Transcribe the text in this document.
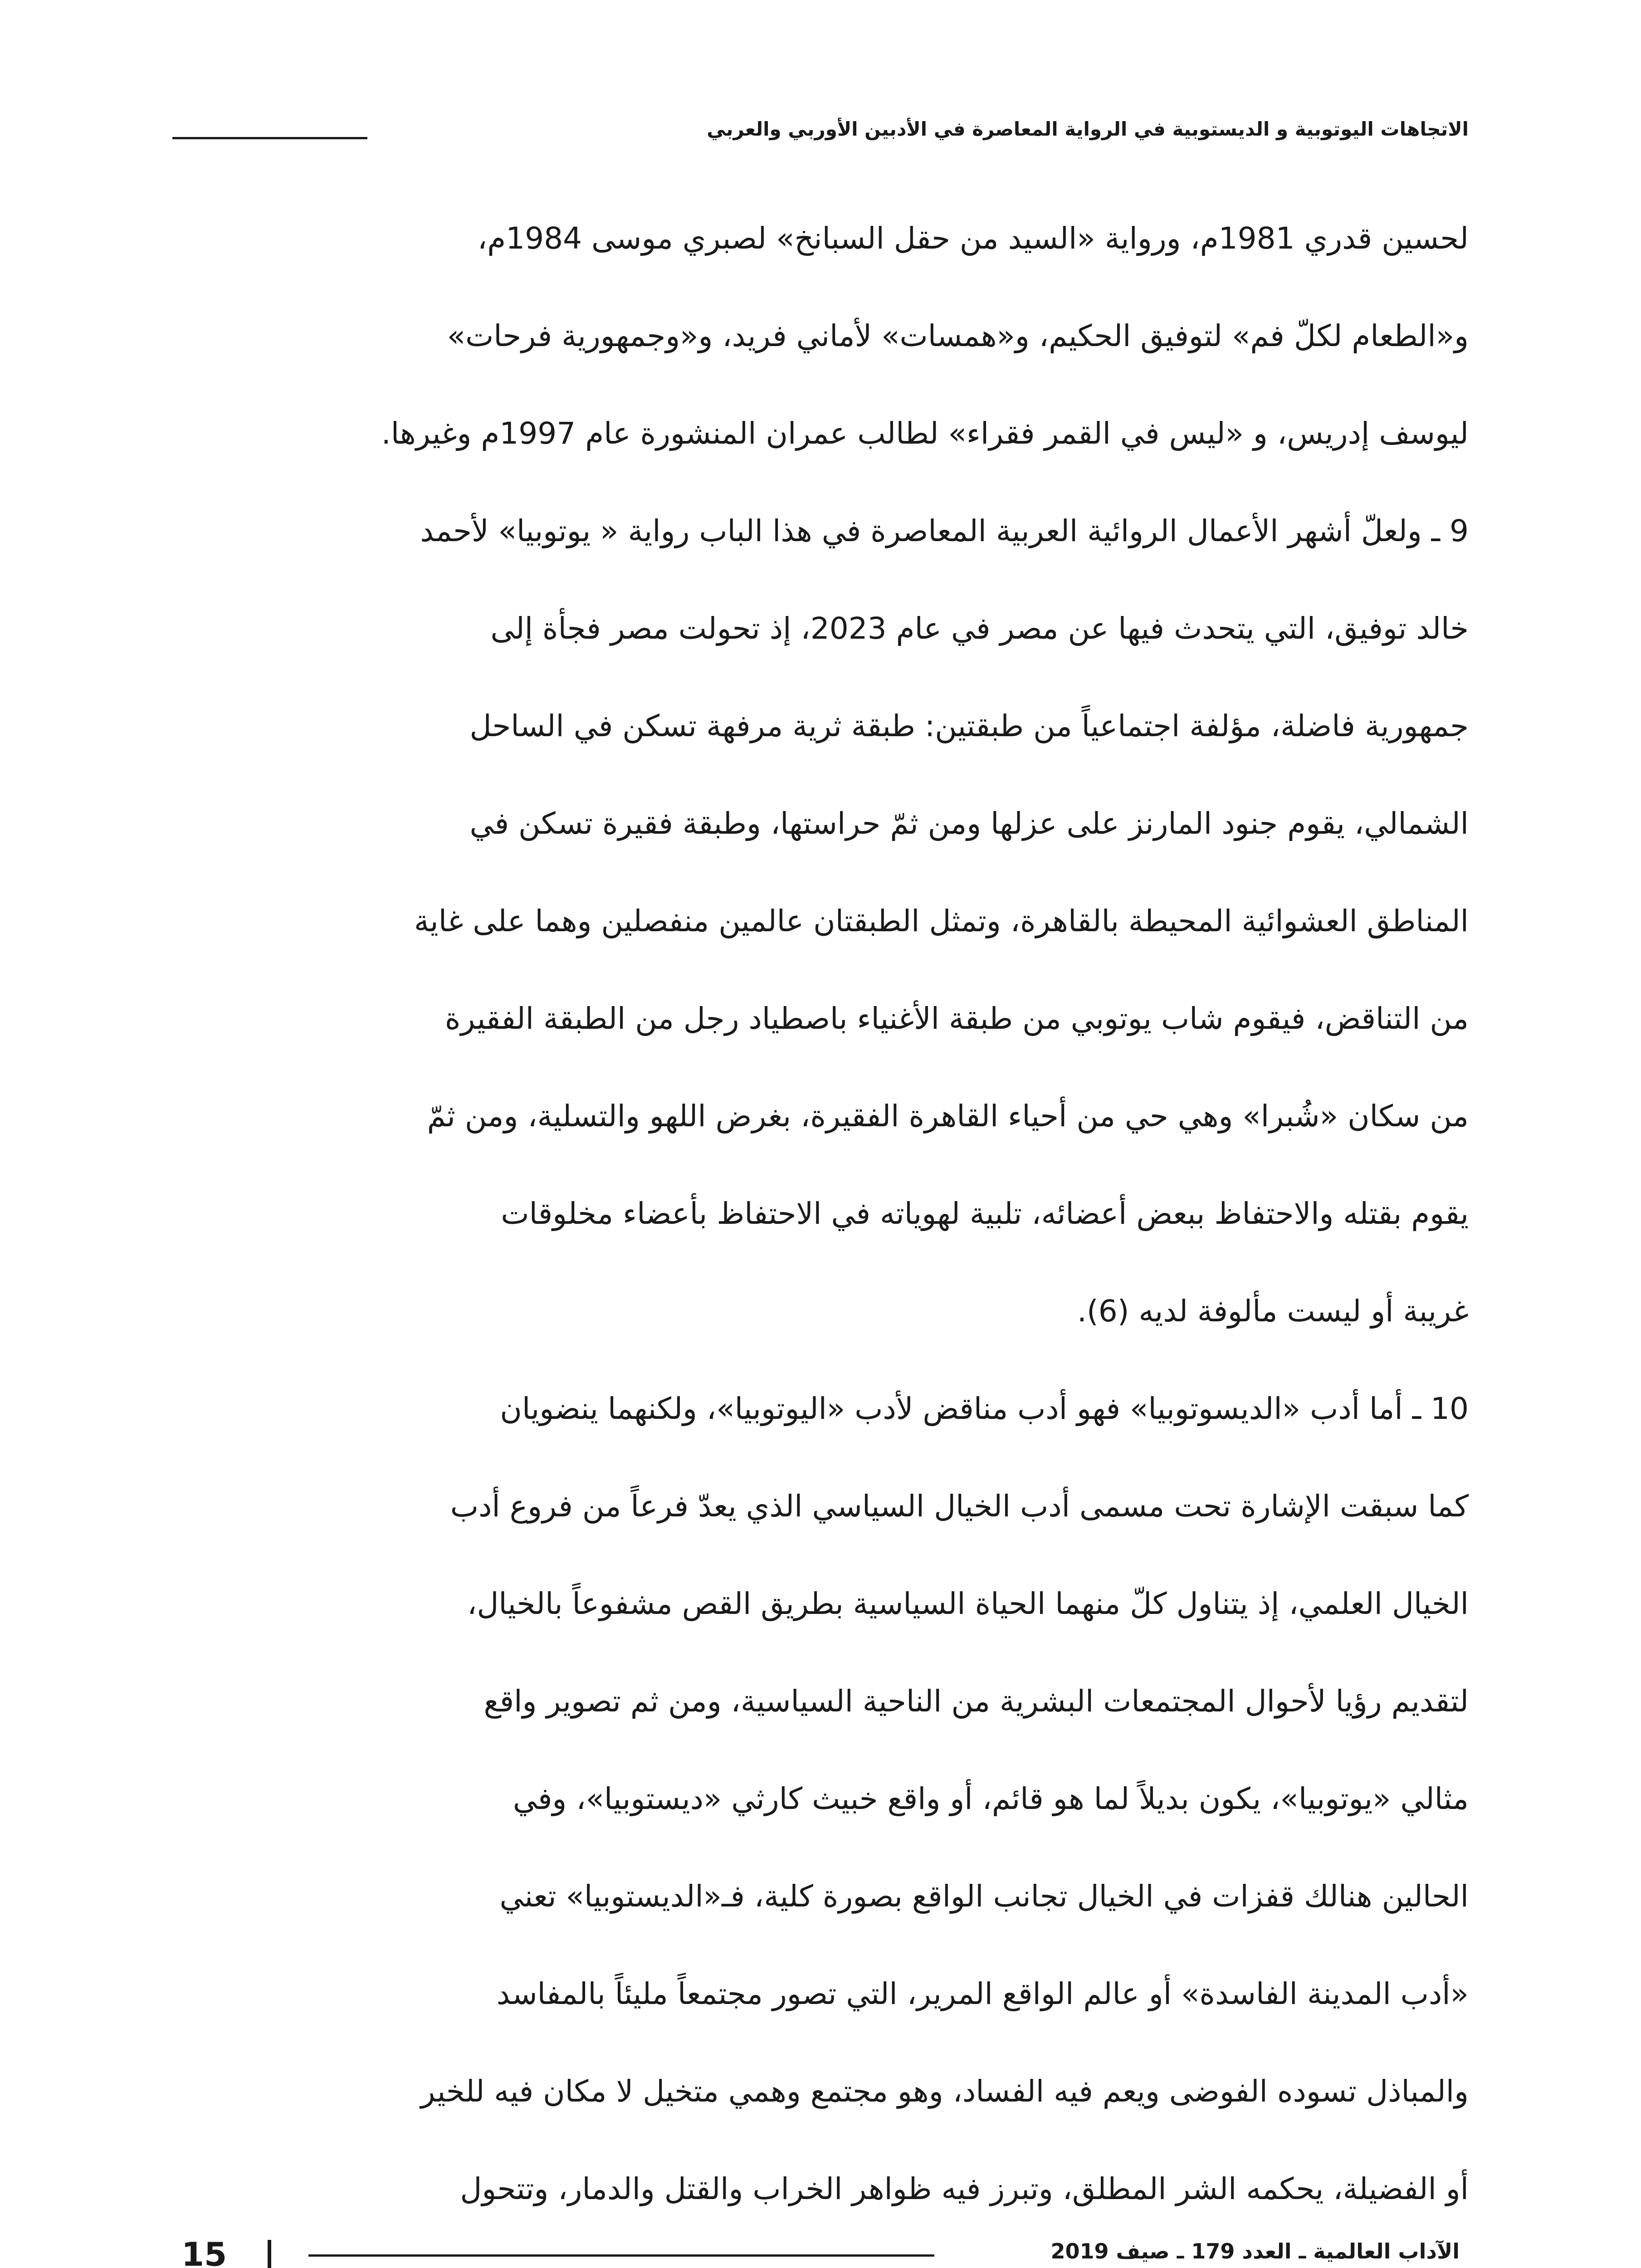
الاتجاهات اليوتوبية و الديستوبية في الرواية المعاصرة في الأدبين الأوربي والعربي

لحسين قدري 1981م، ورواية «السيد من حقل السبانخ» لصبري موسى 1984م،

و«الطعام لكلّ فم» لتوفيق الحكيم، و«همسات» لأماني فريد، و«وجمهورية فرحات»

ليوسف إدريس، و «ليس في القمر فقراء» لطالب عمران المنشورة عام 1997م وغيرها.

9 ـ ولعلّ أشهر الأعمال الروائية العربية المعاصرة في هذا الباب رواية « يوتوبيا» لأحمد

خالد توفيق، التي يتحدث فيها عن مصر في عام 2023، إذ تحولت مصر فجأة إلى

جمهورية فاضلة، مؤلفة اجتماعياً من طبقتين: طبقة ثرية مرفهة تسكن في الساحل

الشمالي، يقوم جنود المارنز على عزلها ومن ثمّ حراستها، وطبقة فقيرة تسكن في

المناطق العشوائية المحيطة بالقاهرة، وتمثل الطبقتان عالمين منفصلين وهما على غاية

من التناقض، فيقوم شاب يوتوبي من طبقة الأغنياء باصطياد رجل من الطبقة الفقيرة

من سكان «شُبرا» وهي حي من أحياء القاهرة الفقيرة، بغرض اللهو والتسلية، ومن ثمّ

يقوم بقتله والاحتفاظ ببعض أعضائه، تلبية لهوياته في الاحتفاظ بأعضاء مخلوقات

غريبة أو ليست مألوفة لديه (6).

10 ـ أما أدب «الديسوتوبيا» فهو أدب مناقض لأدب «اليوتوبيا»، ولكنهما ينضويان

كما سبقت الإشارة تحت مسمى أدب الخيال السياسي الذي يعدّ فرعاً من فروع أدب

الخيال العلمي، إذ يتناول كلّ منهما الحياة السياسية بطريق القص مشفوعاً بالخيال،

لتقديم رؤيا لأحوال المجتمعات البشرية من الناحية السياسية، ومن ثم تصوير واقع

مثالي «يوتوبيا»، يكون بديلاً لما هو قائم، أو واقع خبيث كارثي «ديستوبيا»، وفي

الحالين هنالك قفزات في الخيال تجانب الواقع بصورة كلية، فـ«الديستوبيا» تعني

«أدب المدينة الفاسدة» أو عالم الواقع المرير، التي تصور مجتمعاً مليئاً بالمفاسد

والمباذل تسوده الفوضى ويعم فيه الفساد، وهو مجتمع وهمي متخيل لا مكان فيه للخير

أو الفضيلة، يحكمه الشر المطلق، وتبرز فيه ظواهر الخراب والقتل والدمار، وتتحول

15	الآداب العالمية ـ العدد 179 ـ صيف 2019
